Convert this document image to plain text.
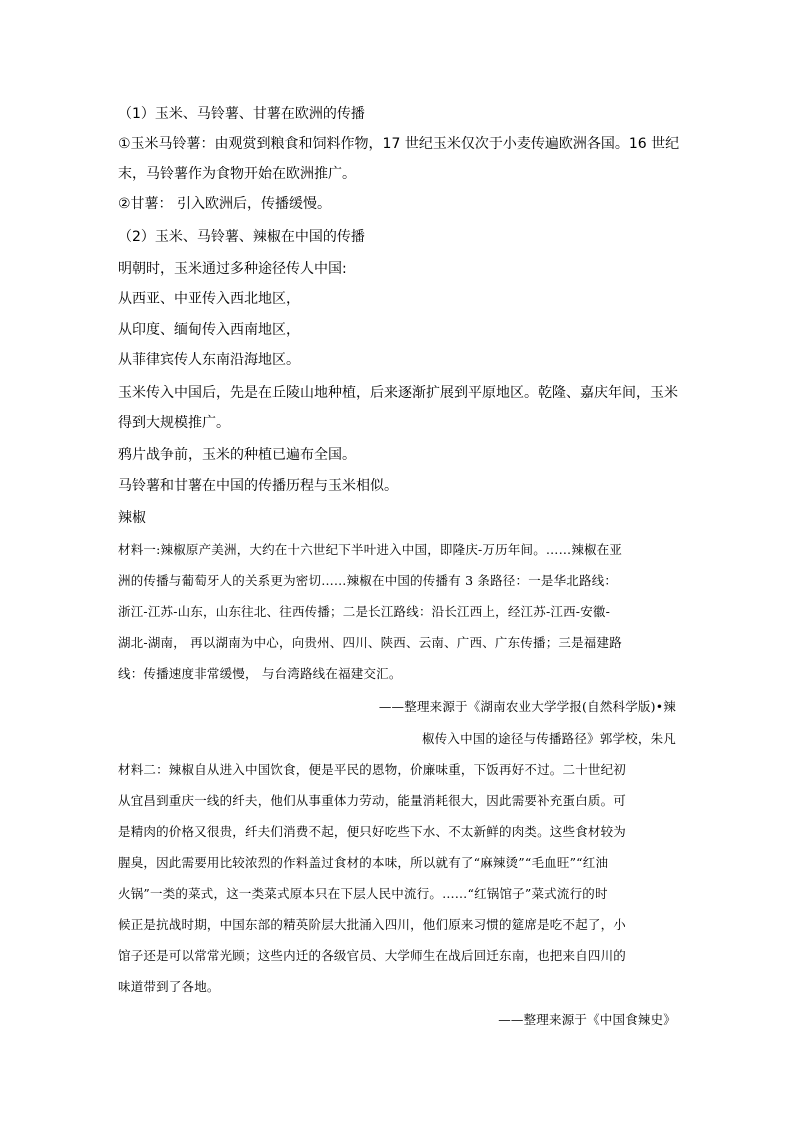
（1）玉米、马铃薯、甘薯在欧洲的传播
①玉米马铃薯：由观赏到粮食和饲料作物，17 世纪玉米仅次于小麦传遍欧洲各国。16 世纪
末，马铃薯作为食物开始在欧洲推广。
②甘薯： 引入欧洲后，传播缓慢。
（2）玉米、马铃薯、辣椒在中国的传播
明朝时，玉米通过多种途径传人中国:
从西亚、中亚传入西北地区，
从印度、缅甸传入西南地区，
从菲律宾传人东南沿海地区。
玉米传入中国后，先是在丘陵山地种植，后来逐渐扩展到平原地区。乾隆、嘉庆年间，玉米
得到大规模推广。
鸦片战争前，玉米的种植已遍布全国。
马铃薯和甘薯在中国的传播历程与玉米相似。
辣椒
材料一:辣椒原产美洲，大约在十六世纪下半叶进入中国，即隆庆-万历年间。……辣椒在亚
洲的传播与葡萄牙人的关系更为密切……辣椒在中国的传播有 3 条路径：一是华北路线：
浙江-江苏-山东，山东往北、往西传播；二是长江路线：沿长江西上，经江苏-江西-安徽-
湖北-湖南， 再以湖南为中心，向贵州、四川、陕西、云南、广西、广东传播；三是福建路
线：传播速度非常缓慢， 与台湾路线在福建交汇。
——整理来源于《湖南农业大学学报(自然科学版)•辣
椒传入中国的途径与传播路径》郭学校，朱凡
材料二：辣椒自从进入中国饮食，便是平民的恩物，价廉味重，下饭再好不过。二十世纪初
从宜昌到重庆一线的纤夫，他们从事重体力劳动，能量消耗很大，因此需要补充蛋白质。可
是精肉的价格又很贵，纤夫们消费不起，便只好吃些下水、不太新鲜的肉类。这些食材较为
腥臭，因此需要用比较浓烈的作料盖过食材的本味，所以就有了“麻辣烫”“毛血旺”“红油
火锅”一类的菜式，这一类菜式原本只在下层人民中流行。……“红锅馆子”菜式流行的时
候正是抗战时期，中国东部的精英阶层大批涌入四川，他们原来习惯的筵席是吃不起了，小
馆子还是可以常常光顾；这些内迁的各级官员、大学师生在战后回迁东南，也把来自四川的
味道带到了各地。
——整理来源于《中国食辣史》
